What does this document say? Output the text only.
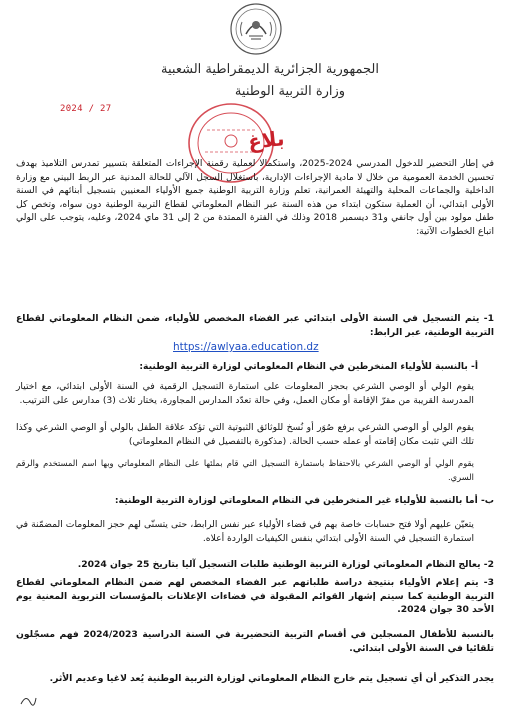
الجمهورية الجزائرية الديمقراطية الشعبية
وزارة التربية الوطنية
2024 / 27
بلاغ

في إطار التحضير للدخول المدرسي 2024-2025، واستكمالا لعملية رقمنة الإجراءات المتعلقة بتسيير تمدرس التلاميذ بهدف تحسين الخدمة العمومية من خلال لا مادية الإجراءات الإدارية، باستغلال السجل الآلي للحالة المدنية عبر الربط البيني مع وزارة الداخلية والجماعات المحلية والتهيئة العمرانية، تعلم وزارة التربية الوطنية جميع الأولياء المعنيين بتسجيل أبنائهم في السنة الأولى ابتدائي، أن العملية ستكون ابتداء من هذه السنة عبر النظام المعلوماتي لقطاع التربية الوطنية دون سواه، وتخص كل طفل مولود بين أول جانفي و31 ديسمبر 2018 وذلك في الفترة الممتدة من 2 إلى 31 ماي 2024، وعليه، يتوجب على الولي اتباع الخطوات الآتية:

1- يتم التسجيل في السنة الأولى ابتدائي عبر الفضاء المخصص للأولياء، ضمن النظام المعلوماتي لقطاع التربية الوطنية، عبر الرابط:

https://awlyaa.education.dz

أ- بالنسبة للأولياء المنخرطين في النظام المعلوماتي لوزارة التربية الوطنية:

يقوم الولي أو الوصي الشرعي بحجز المعلومات على استمارة التسجيل الرقمية في السنة الأولى ابتدائي، مع اختيار المدرسة القريبة من مقرّ الإقامة أو مكان العمل، وفي حالة تعدّد المدارس المجاورة، يختار ثلاث (3) مدارس على الترتيب.

يقوم الولي أو الوصي الشرعي برفع صُوَر أو نُسخ للوثائق الثبوتية التي تؤكد علاقة الطفل بالولي أو الوصي الشرعي وكذا تلك التي تثبت مكان إقامته أو عمله حسب الحالة. (مذكورة بالتفصيل في النظام المعلوماتي)

يقوم الولي أو الوصي الشرعي بالاحتفاظ باستمارة التسجيل التي قام بملئها على النظام المعلوماتي وبها اسم المستخدم والرقم السري.

ب- أما بالنسبة للأولياء غير المنخرطين في النظام المعلوماتي لوزارة التربية الوطنية:

يتعيّن عليهم أولا فتح حسابات خاصة بهم في فضاء الأولياء عبر نفس الرابط، حتى يتسنّى لهم حجز المعلومات المضمّنة في استمارة التسجيل في السنة الأولى ابتدائي بنفس الكيفيات الواردة أعلاه.

2- يعالج النظام المعلوماتي لوزارة التربية الوطنية طلبات التسجيل آليا بتاريخ 25 جوان 2024.

3- يتم إعلام الأولياء بنتيجة دراسة طلباتهم عبر الفضاء المخصص لهم ضمن النظام المعلوماتي لقطاع التربية الوطنية كما سيتم إشهار القوائم المقبولة في فضاءات الإعلانات بالمؤسسات التربوية المعنية يوم الأحد 30 جوان 2024.

بالنسبة للأطفال المسجلين في أقسام التربية التحضيرية في السنة الدراسية 2024/2023 فهم مسجّلون تلقائيا في السنة الأولى ابتدائي.

يجدر التذكير أن أي تسجيل يتم خارج النظام المعلوماتي لوزارة التربية الوطنية يُعد لاغيا وعديم الأثر.
